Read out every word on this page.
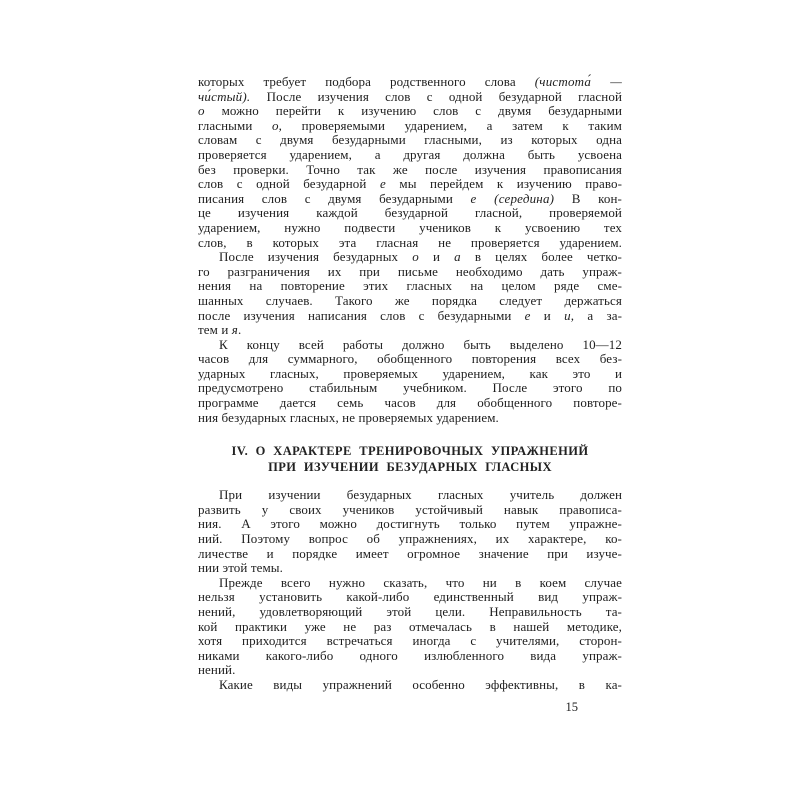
которых требует подбора родственного слова (чистота́ —
чи́стый). После изучения слов с одной безударной гласной
о можно перейти к изучению слов с двумя безударными
гласными о, проверяемыми ударением, а затем к таким
словам с двумя безударными гласными, из которых одна
проверяется ударением, а другая должна быть усвоена
без проверки. Точно так же после изучения правописания
слов с одной безударной е мы перейдем к изучению право-
писания слов с двумя безударными е (середина) В кон-
це изучения каждой безударной гласной, проверяемой
ударением, нужно подвести учеников к усвоению тех
слов, в которых эта гласная не проверяется ударением.
После изучения безударных о и а в целях более четко-
го разграничения их при письме необходимо дать упраж-
нения на повторение этих гласных на целом ряде сме-
шанных случаев. Такого же порядка следует держаться
после изучения написания слов с безударными е и и, а за-
тем и я.
К концу всей работы должно быть выделено 10—12
часов для суммарного, обобщенного повторения всех без-
ударных гласных, проверяемых ударением, как это и
предусмотрено стабильным учебником. После этого по
программе дается семь часов для обобщенного повторе-
ния безударных гласных, не проверяемых ударением.
IV. О ХАРАКТЕРЕ ТРЕНИРОВОЧНЫХ УПРАЖНЕНИЙ
ПРИ ИЗУЧЕНИИ БЕЗУДАРНЫХ ГЛАСНЫХ
При изучении безударных гласных учитель должен
развить у своих учеников устойчивый навык правописа-
ния. А этого можно достигнуть только путем упражне-
ний. Поэтому вопрос об упражнениях, их характере, ко-
личестве и порядке имеет огромное значение при изуче-
нии этой темы.
Прежде всего нужно сказать, что ни в коем случае
нельзя установить какой-либо единственный вид упраж-
нений, удовлетворяющий этой цели. Неправильность та-
кой практики уже не раз отмечалась в нашей методике,
хотя приходится встречаться иногда с учителями, сторон-
никами какого-либо одного излюбленного вида упраж-
нений.
Какие виды упражнений особенно эффективны, в ка-
15
